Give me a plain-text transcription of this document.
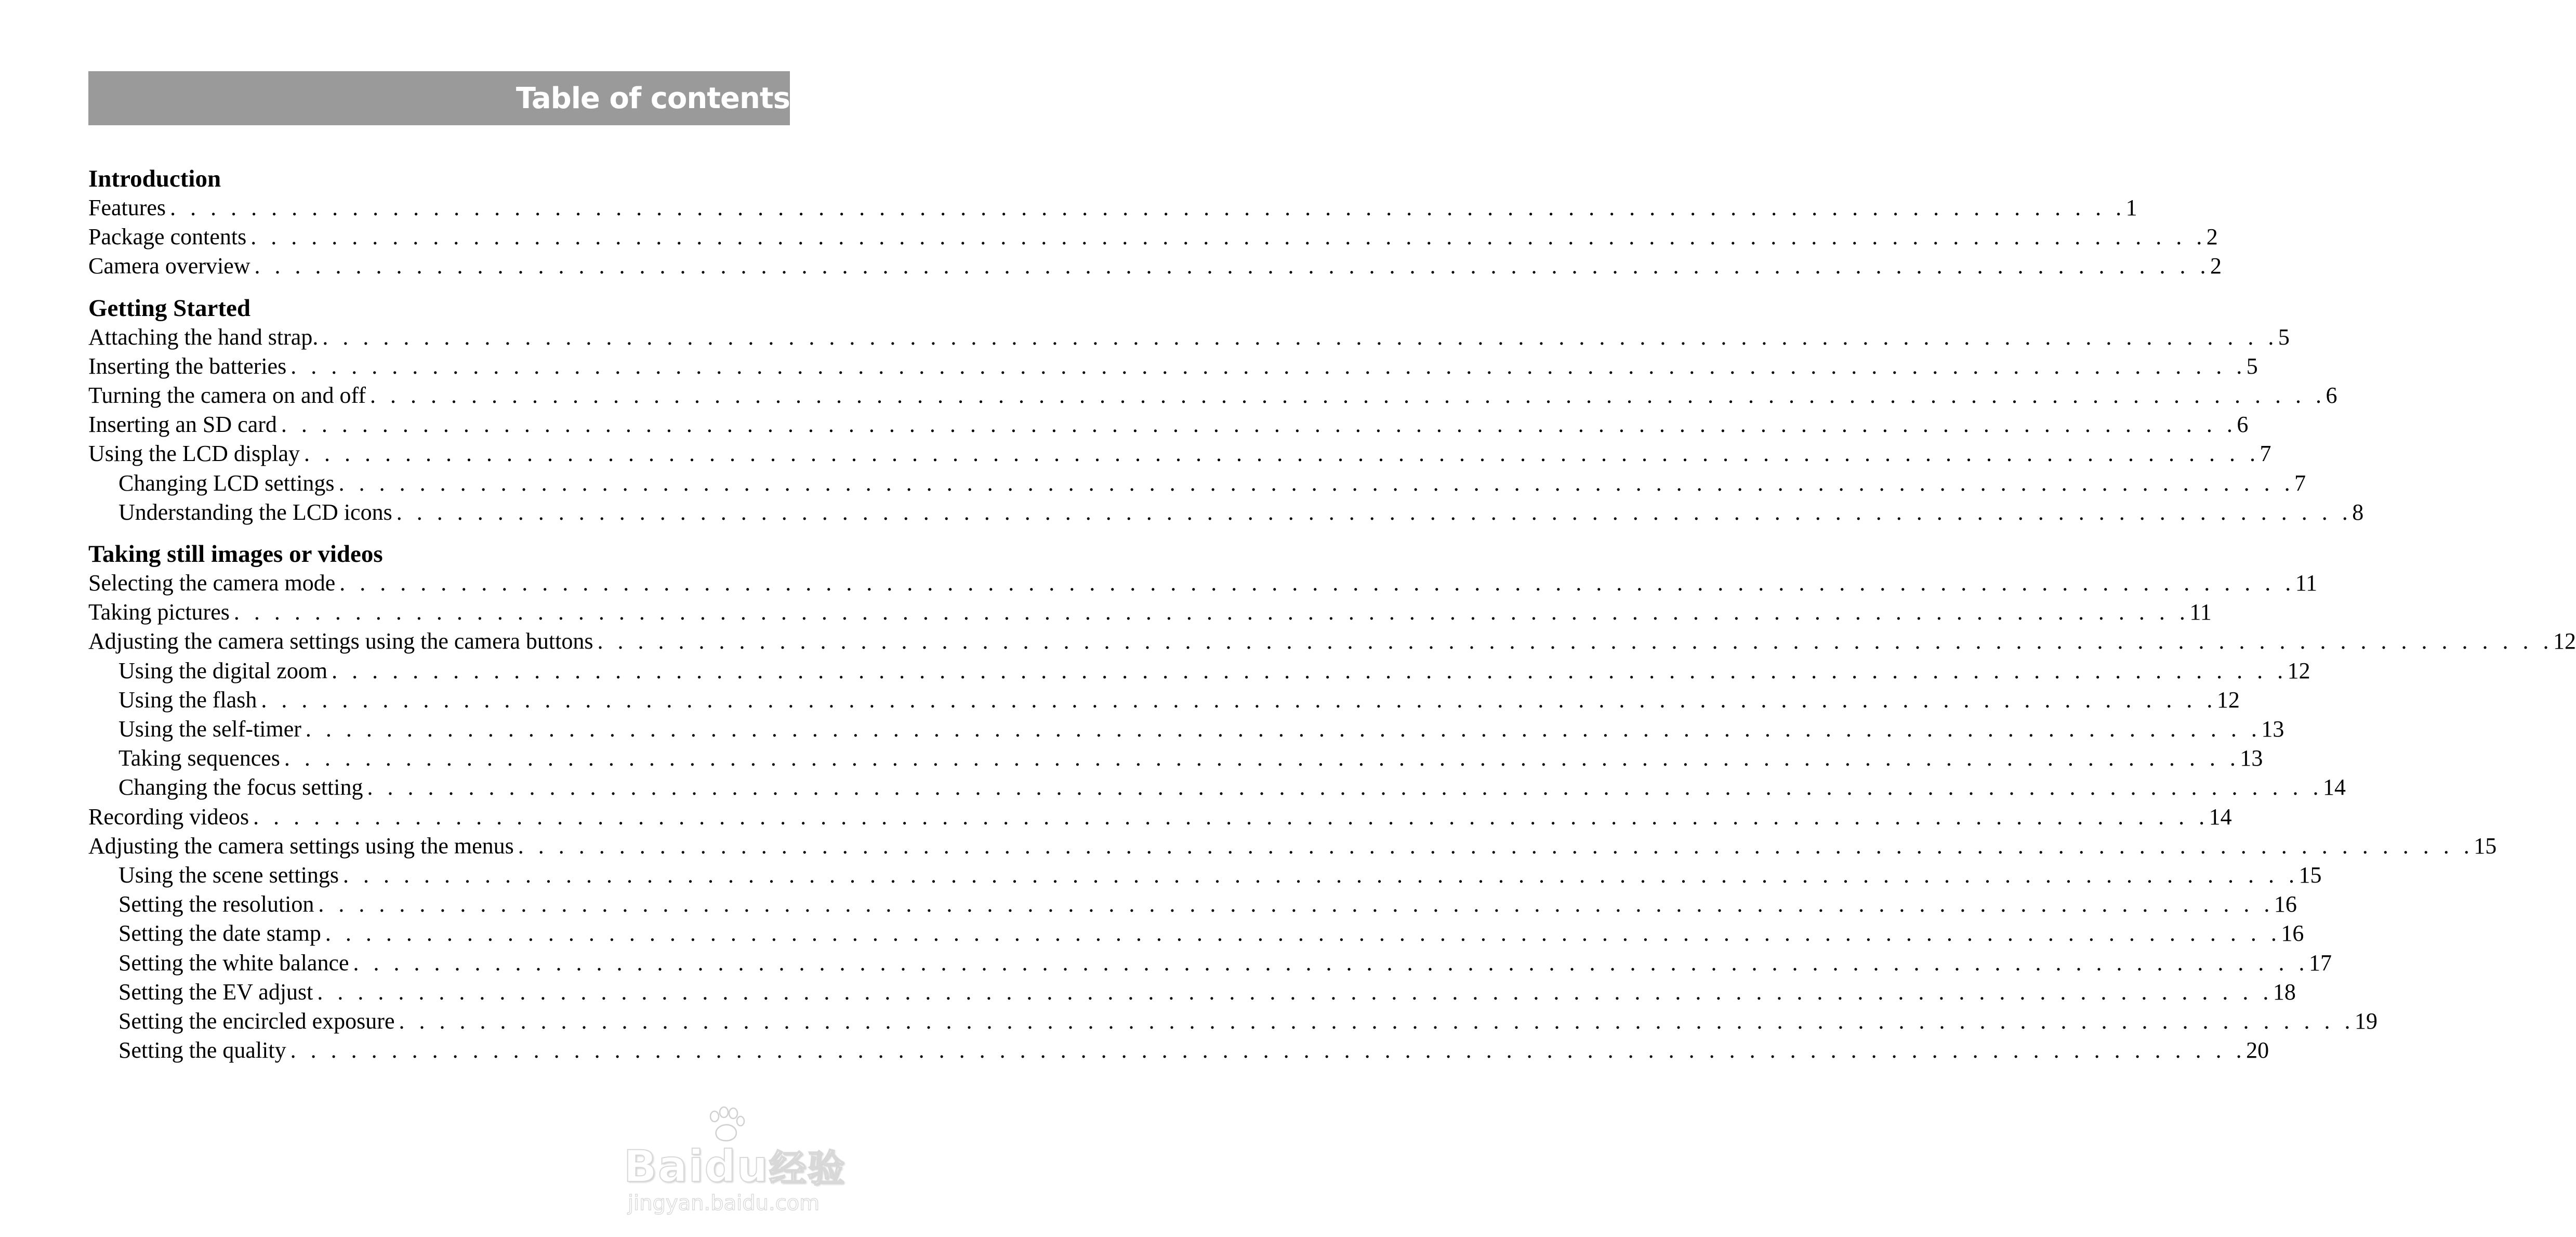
Table of contents
Introduction
Features . . . . . . . . . . . . . . . . . . . . . . . . . . . . . . . . . . . . . . . . . . . . . . . . . . . . . . . . . . . . . . . . . . . . . . . . . . . . . . . . . . . . . . . . . . . . . . . . . 1
Package contents . . . . . . . . . . . . . . . . . . . . . . . . . . . . . . . . . . . . . . . . . . . . . . . . . . . . . . . . . . . . . . . . . . . . . . . . . . . . . . . . . . . . . . . . . . . . . . . . . 2
Camera overview . . . . . . . . . . . . . . . . . . . . . . . . . . . . . . . . . . . . . . . . . . . . . . . . . . . . . . . . . . . . . . . . . . . . . . . . . . . . . . . . . . . . . . . . . . . . . . . . . 2
Getting Started
Attaching the hand strap. . . . . . . . . . . . . . . . . . . . . . . . . . . . . . . . . . . . . . . . . . . . . . . . . . . . . . . . . . . . . . . . . . . . . . . . . . . . . . . . . . . . . . . . . . . . . . . . . . 5
Inserting the batteries . . . . . . . . . . . . . . . . . . . . . . . . . . . . . . . . . . . . . . . . . . . . . . . . . . . . . . . . . . . . . . . . . . . . . . . . . . . . . . . . . . . . . . . . . . . . . . . . . 5
Turning the camera on and off . . . . . . . . . . . . . . . . . . . . . . . . . . . . . . . . . . . . . . . . . . . . . . . . . . . . . . . . . . . . . . . . . . . . . . . . . . . . . . . . . . . . . . . . . . . . . . . . . 6
Inserting an SD card . . . . . . . . . . . . . . . . . . . . . . . . . . . . . . . . . . . . . . . . . . . . . . . . . . . . . . . . . . . . . . . . . . . . . . . . . . . . . . . . . . . . . . . . . . . . . . . . . 6
Using the LCD display . . . . . . . . . . . . . . . . . . . . . . . . . . . . . . . . . . . . . . . . . . . . . . . . . . . . . . . . . . . . . . . . . . . . . . . . . . . . . . . . . . . . . . . . . . . . . . . . . 7
Changing LCD settings . . . . . . . . . . . . . . . . . . . . . . . . . . . . . . . . . . . . . . . . . . . . . . . . . . . . . . . . . . . . . . . . . . . . . . . . . . . . . . . . . . . . . . . . . . . . . . . . . 7
Understanding the LCD icons . . . . . . . . . . . . . . . . . . . . . . . . . . . . . . . . . . . . . . . . . . . . . . . . . . . . . . . . . . . . . . . . . . . . . . . . . . . . . . . . . . . . . . . . . . . . . . . . . 8
Taking still images or videos
Selecting the camera mode . . . . . . . . . . . . . . . . . . . . . . . . . . . . . . . . . . . . . . . . . . . . . . . . . . . . . . . . . . . . . . . . . . . . . . . . . . . . . . . . . . . . . . . . . . . . . . . . . 11
Taking pictures . . . . . . . . . . . . . . . . . . . . . . . . . . . . . . . . . . . . . . . . . . . . . . . . . . . . . . . . . . . . . . . . . . . . . . . . . . . . . . . . . . . . . . . . . . . . . . . . . 11
Adjusting the camera settings using the camera buttons . . . . . . . . . . . . . . . . . . . . . . . . . . . . . . . . . . . . . . . . . . . . . . . . . . . . . . . . . . . . . . . . . . . . . . . . . . . . . . . . . . . . . . . . . . . . . . . . . 12
Using the digital zoom . . . . . . . . . . . . . . . . . . . . . . . . . . . . . . . . . . . . . . . . . . . . . . . . . . . . . . . . . . . . . . . . . . . . . . . . . . . . . . . . . . . . . . . . . . . . . . . . . 12
Using the flash . . . . . . . . . . . . . . . . . . . . . . . . . . . . . . . . . . . . . . . . . . . . . . . . . . . . . . . . . . . . . . . . . . . . . . . . . . . . . . . . . . . . . . . . . . . . . . . . . 12
Using the self-timer . . . . . . . . . . . . . . . . . . . . . . . . . . . . . . . . . . . . . . . . . . . . . . . . . . . . . . . . . . . . . . . . . . . . . . . . . . . . . . . . . . . . . . . . . . . . . . . . . 13
Taking sequences . . . . . . . . . . . . . . . . . . . . . . . . . . . . . . . . . . . . . . . . . . . . . . . . . . . . . . . . . . . . . . . . . . . . . . . . . . . . . . . . . . . . . . . . . . . . . . . . . 13
Changing the focus setting . . . . . . . . . . . . . . . . . . . . . . . . . . . . . . . . . . . . . . . . . . . . . . . . . . . . . . . . . . . . . . . . . . . . . . . . . . . . . . . . . . . . . . . . . . . . . . . . . 14
Recording videos . . . . . . . . . . . . . . . . . . . . . . . . . . . . . . . . . . . . . . . . . . . . . . . . . . . . . . . . . . . . . . . . . . . . . . . . . . . . . . . . . . . . . . . . . . . . . . . . . 14
Adjusting the camera settings using the menus . . . . . . . . . . . . . . . . . . . . . . . . . . . . . . . . . . . . . . . . . . . . . . . . . . . . . . . . . . . . . . . . . . . . . . . . . . . . . . . . . . . . . . . . . . . . . . . . . 15
Using the scene settings . . . . . . . . . . . . . . . . . . . . . . . . . . . . . . . . . . . . . . . . . . . . . . . . . . . . . . . . . . . . . . . . . . . . . . . . . . . . . . . . . . . . . . . . . . . . . . . . . 15
Setting the resolution . . . . . . . . . . . . . . . . . . . . . . . . . . . . . . . . . . . . . . . . . . . . . . . . . . . . . . . . . . . . . . . . . . . . . . . . . . . . . . . . . . . . . . . . . . . . . . . . . 16
Setting the date stamp . . . . . . . . . . . . . . . . . . . . . . . . . . . . . . . . . . . . . . . . . . . . . . . . . . . . . . . . . . . . . . . . . . . . . . . . . . . . . . . . . . . . . . . . . . . . . . . . . 16
Setting the white balance . . . . . . . . . . . . . . . . . . . . . . . . . . . . . . . . . . . . . . . . . . . . . . . . . . . . . . . . . . . . . . . . . . . . . . . . . . . . . . . . . . . . . . . . . . . . . . . . . 17
Setting the EV adjust . . . . . . . . . . . . . . . . . . . . . . . . . . . . . . . . . . . . . . . . . . . . . . . . . . . . . . . . . . . . . . . . . . . . . . . . . . . . . . . . . . . . . . . . . . . . . . . . . 18
Setting the encircled exposure . . . . . . . . . . . . . . . . . . . . . . . . . . . . . . . . . . . . . . . . . . . . . . . . . . . . . . . . . . . . . . . . . . . . . . . . . . . . . . . . . . . . . . . . . . . . . . . . . 19
Setting the quality . . . . . . . . . . . . . . . . . . . . . . . . . . . . . . . . . . . . . . . . . . . . . . . . . . . . . . . . . . . . . . . . . . . . . . . . . . . . . . . . . . . . . . . . . . . . . . . . . 20
Baidu经验
jingyan.baidu.com
